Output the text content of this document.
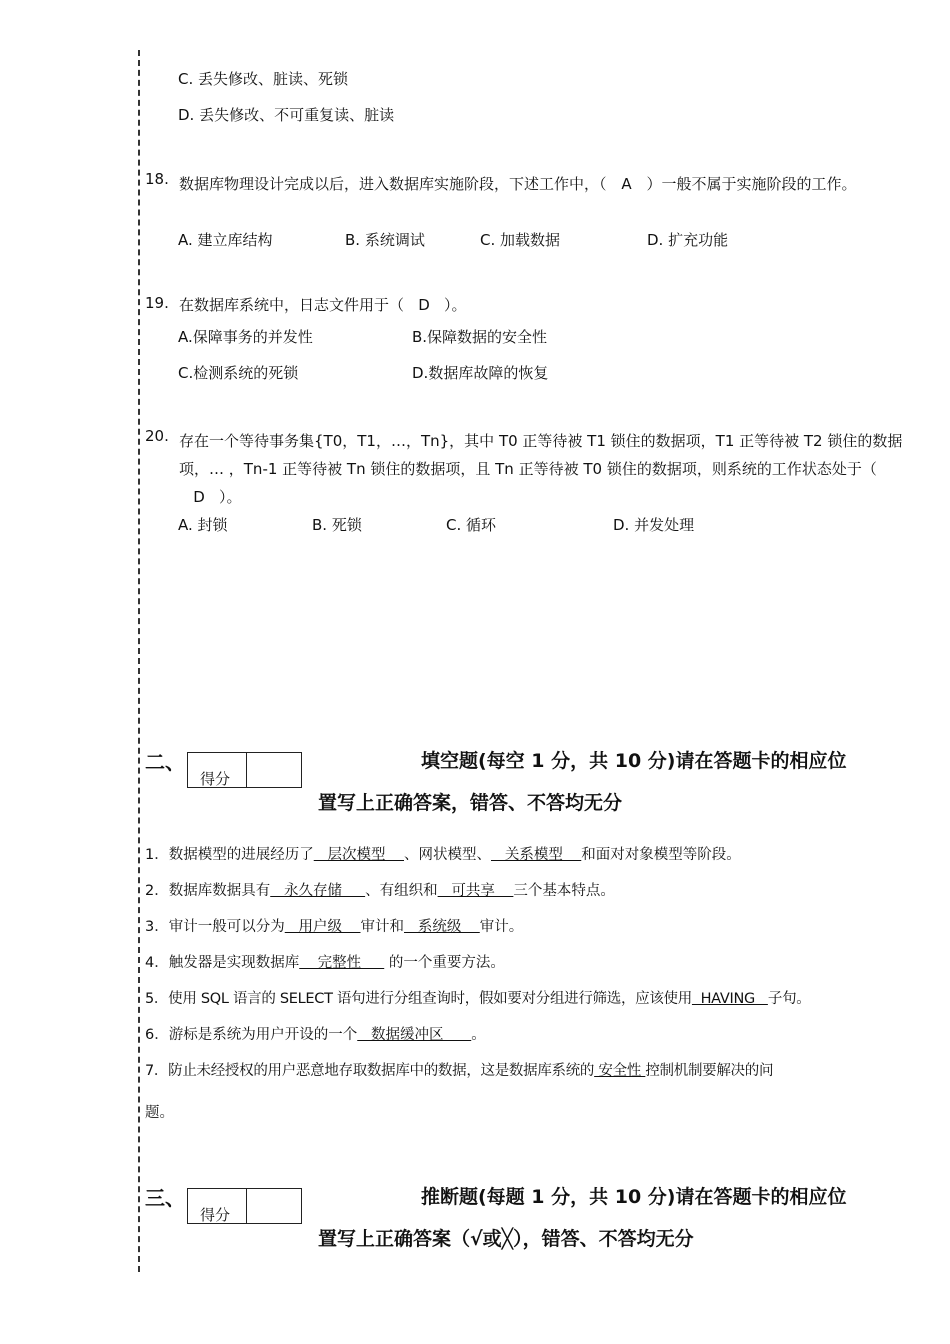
C. 丢失修改、脏读、死锁
D. 丢失修改、不可重复读、脏读
18. 数据库物理设计完成以后，进入数据库实施阶段，下述工作中，（ A ）一般不属于实施阶段的工作。
A. 建立库结构	B. 系统调试	C. 加载数据	D. 扩充功能
19. 在数据库系统中，日志文件用于（ D ）。
A.保障事务的并发性	B.保障数据的安全性
C.检测系统的死锁	D.数据库故障的恢复
20. 存在一个等待事务集{T0，T1，…，Tn}，其中 T0 正等待被 T1 锁住的数据项，T1 正等待被 T2 锁住的数据项，… ，Tn-1 正等待被 Tn 锁住的数据项，且 Tn 正等待被 T0 锁住的数据项，则系统的工作状态处于（D ）。
A. 封锁	B. 死锁	C. 循环	D. 并发处理
二、
得分
填空题(每空 1 分，共 10 分)请在答题卡的相应位
置写上正确答案，错答、不答均无分
1．数据模型的进展经历了   层次模型    、网状模型、   关系模型    和面对对象模型等阶段。
2．数据库数据具有   永久存储     、有组织和   可共享    三个基本特点。
3．审计一般可以分为   用户级    审计和   系统级    审计。
4．触发器是实现数据库    完整性      的一个重要方法。
5．使用 SQL 语言的 SELECT 语句进行分组查询时，假如要对分组进行筛选，应该使用  HAVING   子句。
6．游标是系统为用户开设的一个   数据缓冲区      。
7．防止未经授权的用户恶意地存取数据库中的数据，这是数据库系统的 安全性 控制机制要解决的问
题。
三、
得分
推断题(每题 1 分，共 10 分)请在答题卡的相应位
置写上正确答案（√或╳），错答、不答均无分
